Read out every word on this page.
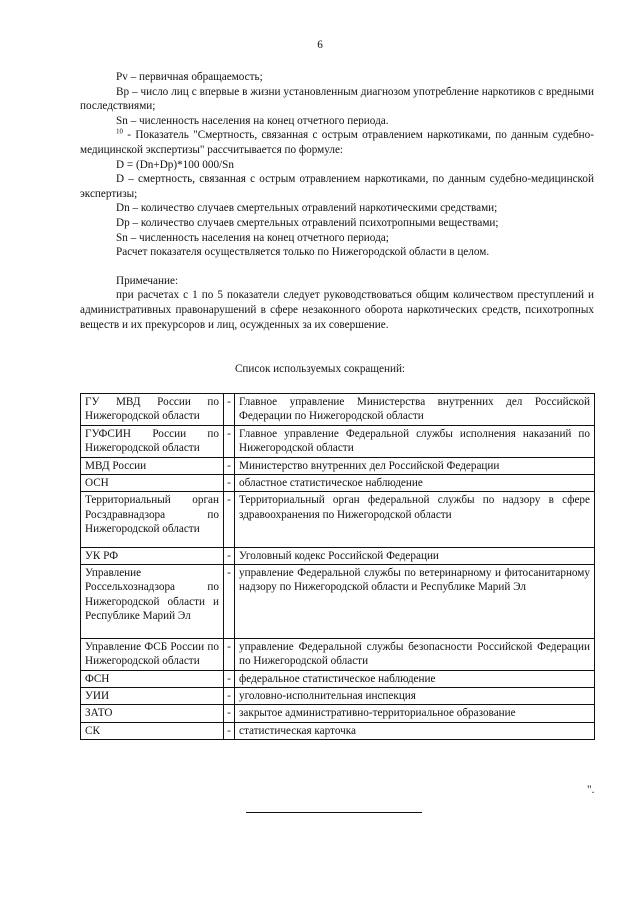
6

Pv – первичная обращаемость;

Bp – число лиц с впервые в жизни установленным диагнозом употребление наркотиков с вредными последствиями;

Sn – численность населения на конец отчетного периода.

$^{10}$ - Показатель "Смертность, связанная с острым отравлением наркотиками, по данным судебно-медицинской экспертизы" рассчитывается по формуле:

D = (Dn+Dp)*100 000/Sn

D – смертность, связанная с острым отравлением наркотиками, по данным судебно-медицинской экспертизы;

Dn – количество случаев смертельных отравлений наркотическими средствами;

Dp – количество случаев смертельных отравлений психотропными веществами;

Sn – численность населения на конец отчетного периода;

Расчет показателя осуществляется только по Нижегородской области в целом.

Примечание:

при расчетах с 1 по 5 показатели следует руководствоваться общим количеством преступлений и административных правонарушений в сфере незаконного оборота наркотических средств, психотропных веществ и их прекурсоров и лиц, осужденных за их совершение.

Список используемых сокращений:
ГУ МВД России по Нижегородской области	-	Главное управление Министерства внутренних дел Российской Федерации по Нижегородской области
ГУФСИН России по Нижегородской области	-	Главное управление Федеральной службы исполнения наказаний по Нижегородской области
МВД России	-	Министерство внутренних дел Российской Федерации
ОСН	-	областное статистическое наблюдение
Территориальный орган Росздравнадзора по Нижегородской области	-	Территориальный орган федеральной службы по надзору в сфере здравоохранения по Нижегородской области
УК РФ	-	Уголовный кодекс Российской Федерации
Управление Россельхознадзора по Нижегородской области и Республике Марий Эл	-	управление Федеральной службы по ветеринарному и фитосанитарному надзору по Нижегородской области и Республике Марий Эл
Управление ФСБ России по Нижегородской области	-	управление Федеральной службы безопасности Российской Федерации по Нижегородской области
ФСН	-	федеральное статистическое наблюдение
УИИ	-	уголовно-исполнительная инспекция
ЗАТО	-	закрытое административно-территориальное образование
СК	-	статистическая карточка
".
